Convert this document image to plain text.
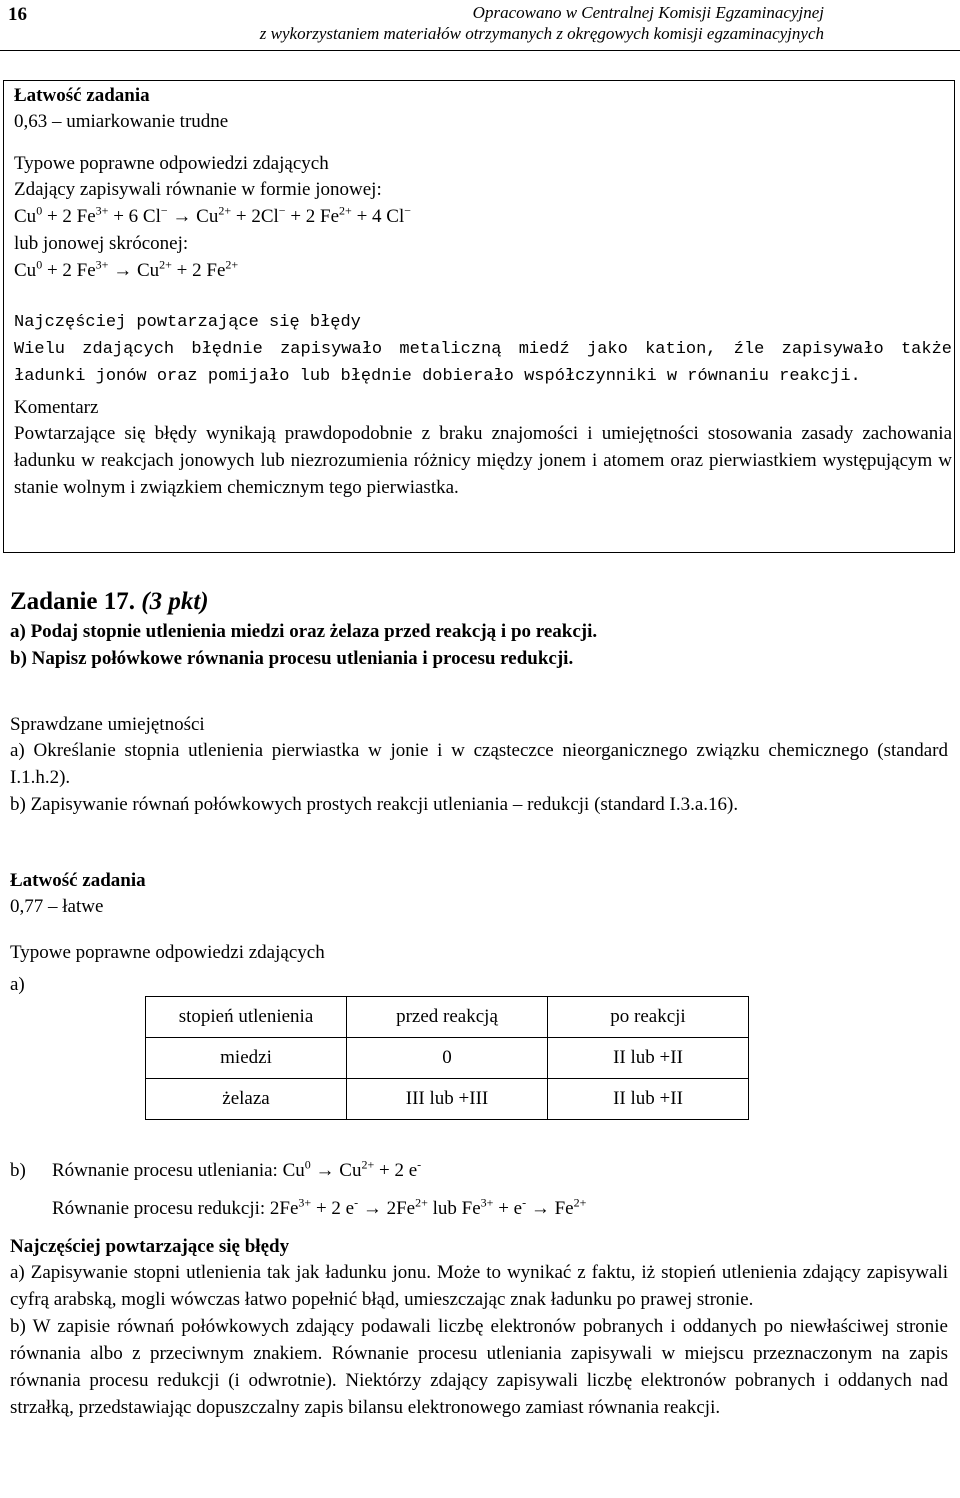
16	Opracowano w Centralnej Komisji Egzaminacyjnej
z wykorzystaniem materiałów otrzymanych z okręgowych komisji egzaminacyjnych
Łatwość zadania
0,63 – umiarkowanie trudne
Typowe poprawne odpowiedzi zdających
Zdający zapisywali równanie w formie jonowej:
$Cu^0 + 2$ $Fe^{3+} + 6$ $Cl^- \to Cu^{2+} + 2Cl^- + 2$ $Fe^{2+} + 4$ Cl−
lub jonowej skróconej:
$Cu^0 + 2$ $Fe^{3+} \to Cu^{2+} + 2$ $Fe^{2+}$
Najczęściej powtarzające się błędy
Wielu zdających błędnie zapisywało metaliczną miedź jako kation, źle zapisywało także ładunki jonów oraz pomijało lub błędnie dobierało współczynniki w równaniu reakcji.
Komentarz
Powtarzające się błędy wynikają prawdopodobnie z braku znajomości i umiejętności stosowania zasady zachowania ładunku w reakcjach jonowych lub niezrozumienia różnicy między jonem i atomem oraz pierwiastkiem występującym w stanie wolnym i związkiem chemicznym tego pierwiastka.
Zadanie 17. (3 pkt)
a) Podaj stopnie utlenienia miedzi oraz żelaza przed reakcją i po reakcji.
b) Napisz połówkowe równania procesu utleniania i procesu redukcji.
Sprawdzane umiejętności
a) Określanie stopnia utlenienia pierwiastka w jonie i w cząsteczce nieorganicznego związku chemicznego (standard I.1.h.2).
b) Zapisywanie równań połówkowych prostych reakcji utleniania – redukcji (standard I.3.a.16).
Łatwość zadania
0,77 – łatwe
Typowe poprawne odpowiedzi zdających
a)
stopień utlenienia	przed reakcją	po reakcji
miedzi	0	II lub +II
żelaza	III lub +III	II lub +II
b) Równanie procesu utleniania: $Cu^0 \to Cu^{2+} + 2$ e-
Równanie procesu redukcji: $2Fe^{3+} + 2$ $e^- \to 2Fe^{2+}$ lub $Fe^{3+} + e^- \to Fe^{2+}$
Najczęściej powtarzające się błędy
a) Zapisywanie stopni utlenienia tak jak ładunku jonu. Może to wynikać z faktu, iż stopień utlenienia zdający zapisywali cyfrą arabską, mogli wówczas łatwo popełnić błąd, umieszczając znak ładunku po prawej stronie.
b) W zapisie równań połówkowych zdający podawali liczbę elektronów pobranych i oddanych po niewłaściwej stronie równania albo z przeciwnym znakiem. Równanie procesu utleniania zapisywali w miejscu przeznaczonym na zapis równania procesu redukcji (i odwrotnie). Niektórzy zdający zapisywali liczbę elektronów pobranych i oddanych nad strzałką, przedstawiając dopuszczalny zapis bilansu elektronowego zamiast równania reakcji.
